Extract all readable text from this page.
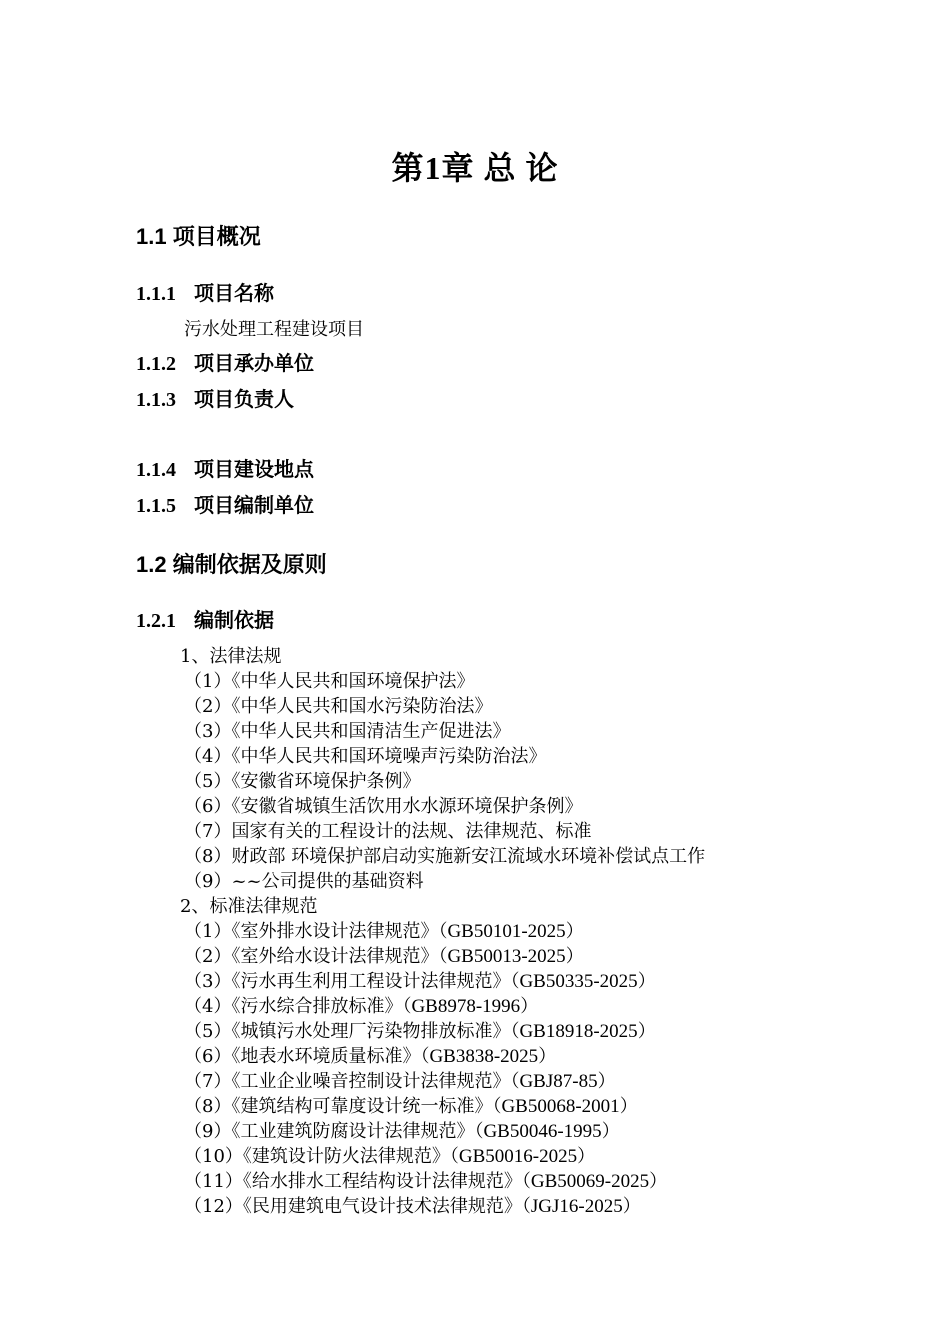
第1章 总 论
1.1 项目概况
1.1.1 项目名称
污水处理工程建设项目
1.1.2 项目承办单位
1.1.3 项目负责人
1.1.4 项目建设地点
1.1.5 项目编制单位
1.2 编制依据及原则
1.2.1 编制依据
1、法律法规
（1）《中华人民共和国环境保护法》
（2）《中华人民共和国水污染防治法》
（3）《中华人民共和国清洁生产促进法》
（4）《中华人民共和国环境噪声污染防治法》
（5）《安徽省环境保护条例》
（6）《安徽省城镇生活饮用水水源环境保护条例》
（7）国家有关的工程设计的法规、法律规范、标准
（8）财政部 环境保护部启动实施新安江流域水环境补偿试点工作
（9）~~公司提供的基础资料
2、标准法律规范
（1）《室外排水设计法律规范》（GB50101-2025）
（2）《室外给水设计法律规范》（GB50013-2025）
（3）《污水再生利用工程设计法律规范》（GB50335-2025）
（4）《污水综合排放标准》（GB8978-1996）
（5）《城镇污水处理厂污染物排放标准》（GB18918-2025）
（6）《地表水环境质量标准》（GB3838-2025）
（7）《工业企业噪音控制设计法律规范》（GBJ87-85）
（8）《建筑结构可靠度设计统一标准》（GB50068-2001）
（9）《工业建筑防腐设计法律规范》（GB50046-1995）
（10）《建筑设计防火法律规范》（GB50016-2025）
（11）《给水排水工程结构设计法律规范》（GB50069-2025）
（12）《民用建筑电气设计技术法律规范》（JGJ16-2025）
